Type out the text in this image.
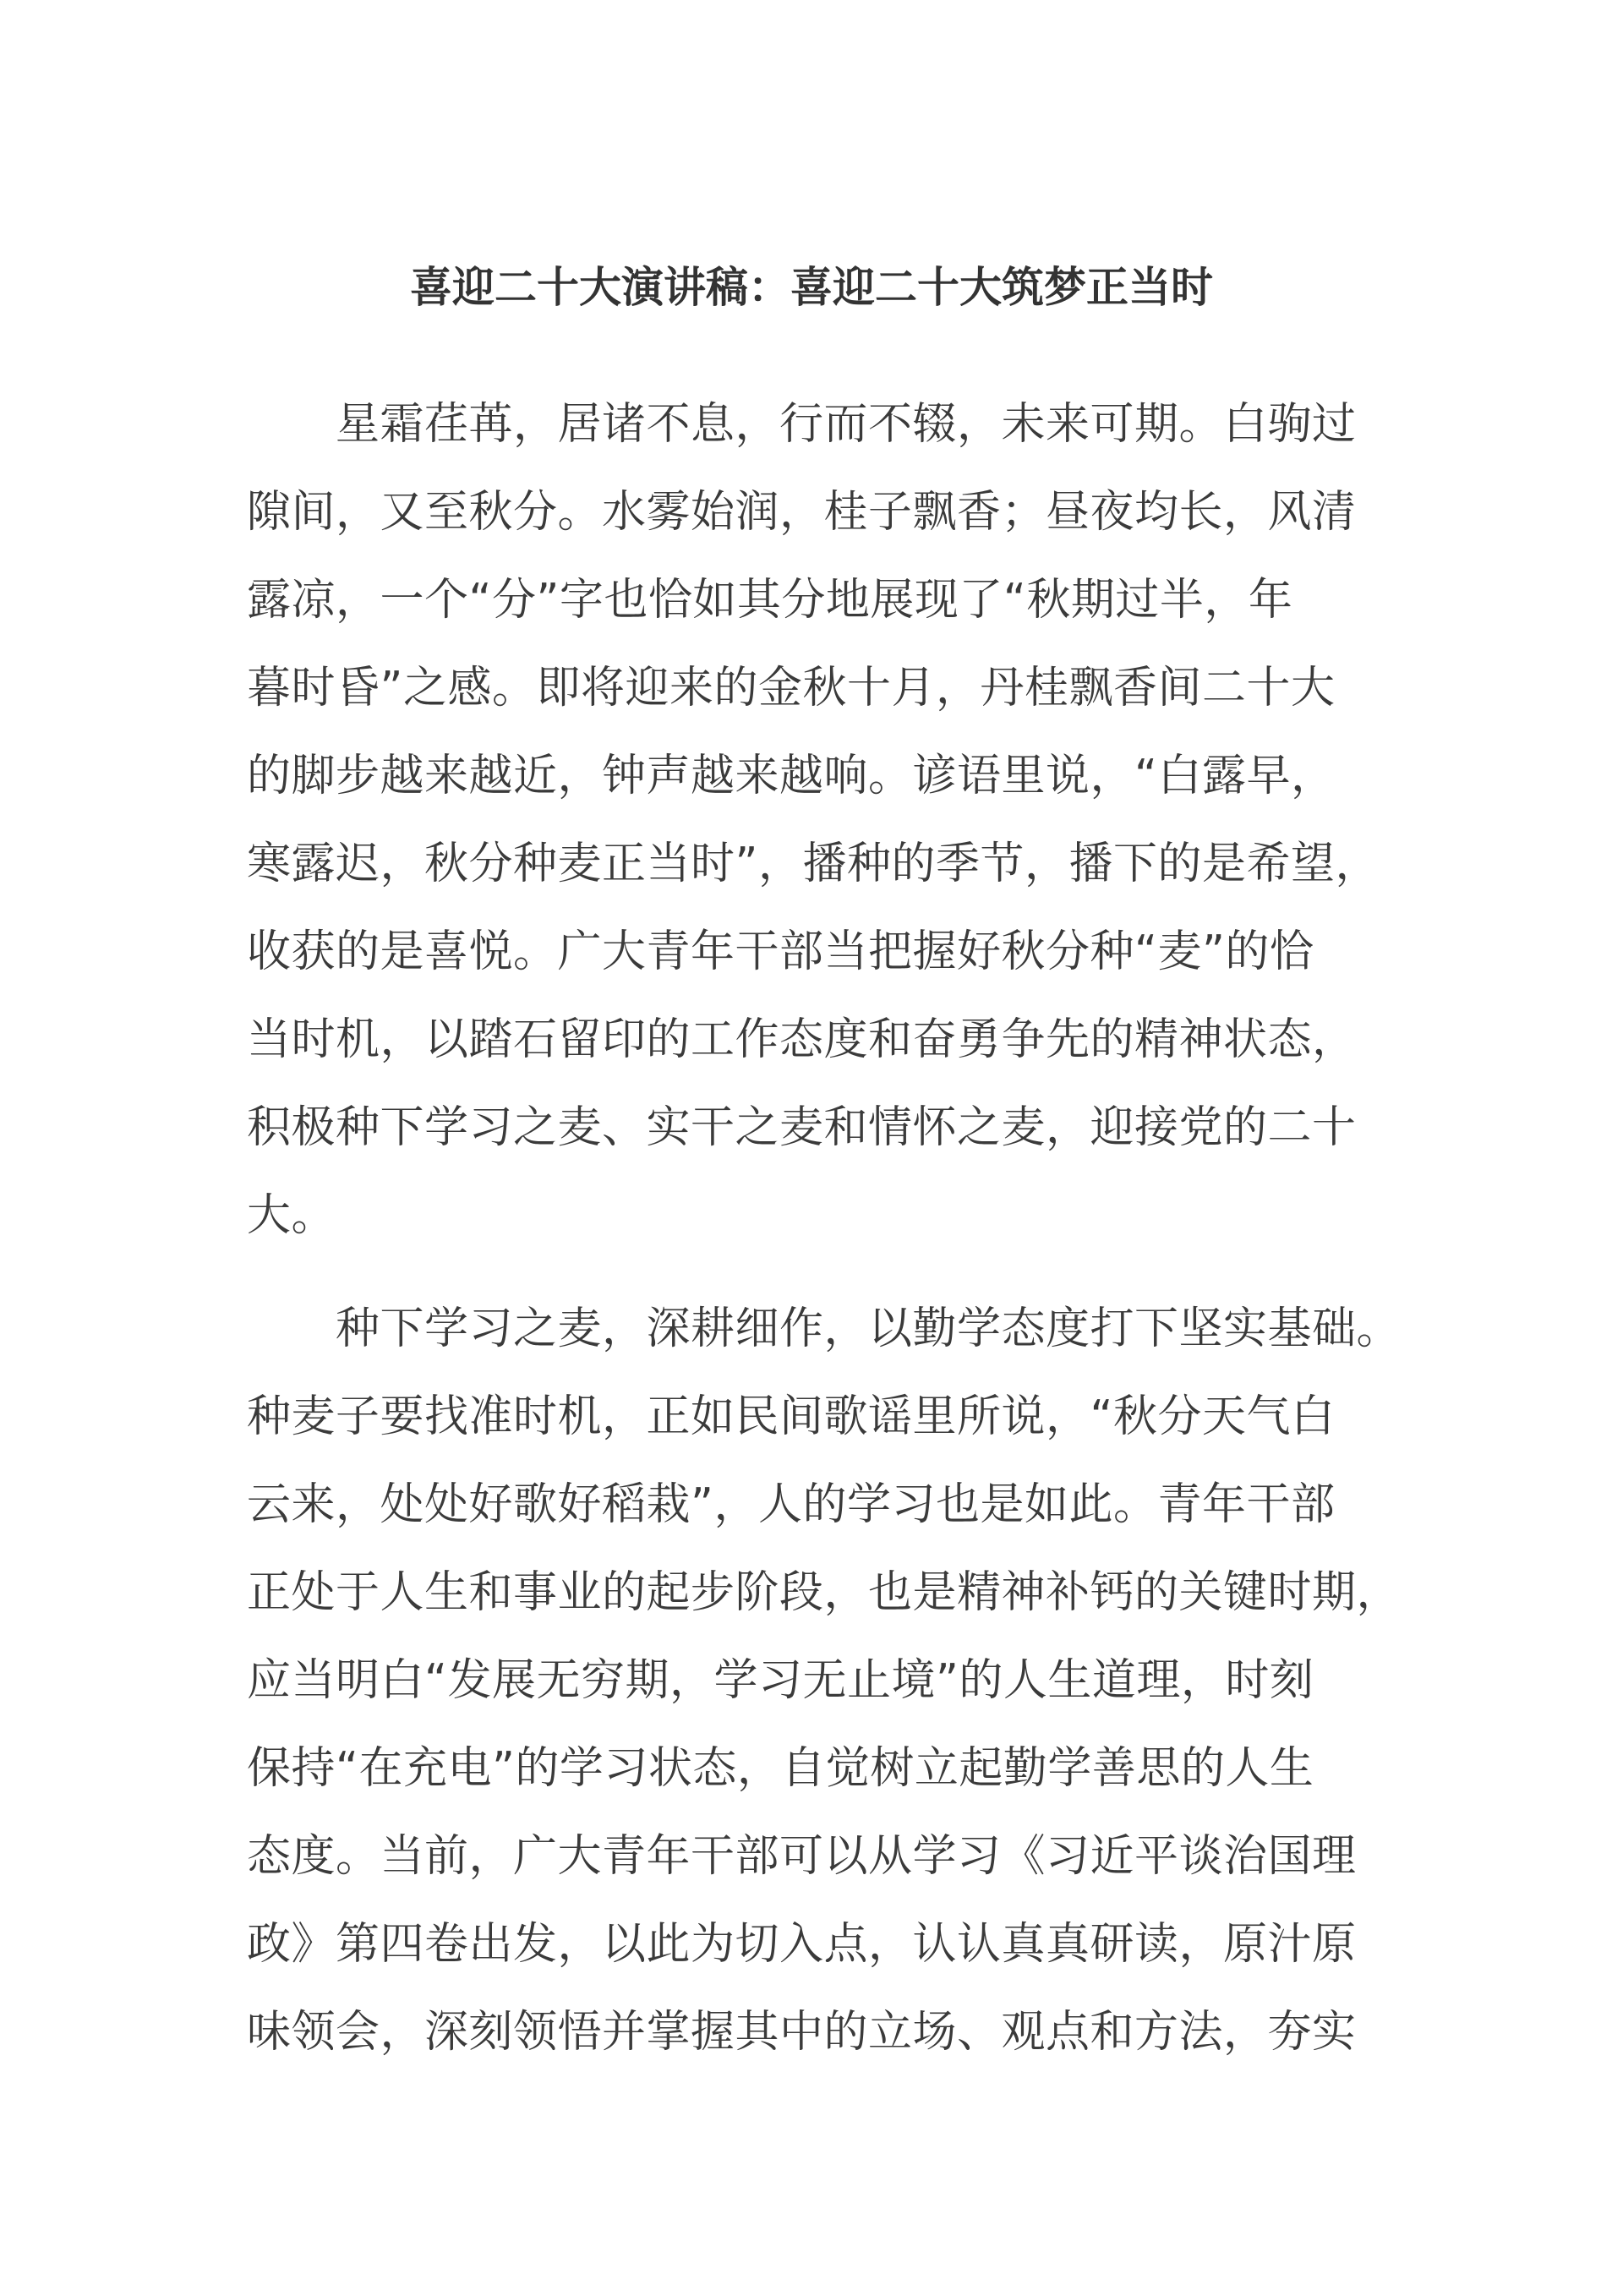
喜迎二十大演讲稿：喜迎二十大筑梦正当时
星霜荏苒，居诸不息，行而不辍，未来可期。白驹过
隙间，又至秋分。水雾始润，桂子飘香；昼夜均长，风清
露凉，一个“分”字也恰如其分地展现了“秋期过半，年
暮时昏”之感。即将迎来的金秋十月，丹桂飘香间二十大
的脚步越来越近，钟声越来越响。谚语里说，“白露早，
寒露迟，秋分种麦正当时”，播种的季节，播下的是希望，
收获的是喜悦。广大青年干部当把握好秋分种“麦”的恰
当时机，以踏石留印的工作态度和奋勇争先的精神状态，
积极种下学习之麦、实干之麦和情怀之麦，迎接党的二十
大。
种下学习之麦，深耕细作，以勤学态度打下坚实基础。
种麦子要找准时机，正如民间歌谣里所说，“秋分天气白
云来，处处好歌好稻栽”，人的学习也是如此。青年干部
正处于人生和事业的起步阶段，也是精神补钙的关键时期，
应当明白“发展无穷期，学习无止境”的人生道理，时刻
保持“在充电”的学习状态，自觉树立起勤学善思的人生
态度。当前，广大青年干部可以从学习《习近平谈治国理
政》第四卷出发，以此为切入点，认认真真研读，原汁原
味领会，深刻领悟并掌握其中的立场、观点和方法，夯实
